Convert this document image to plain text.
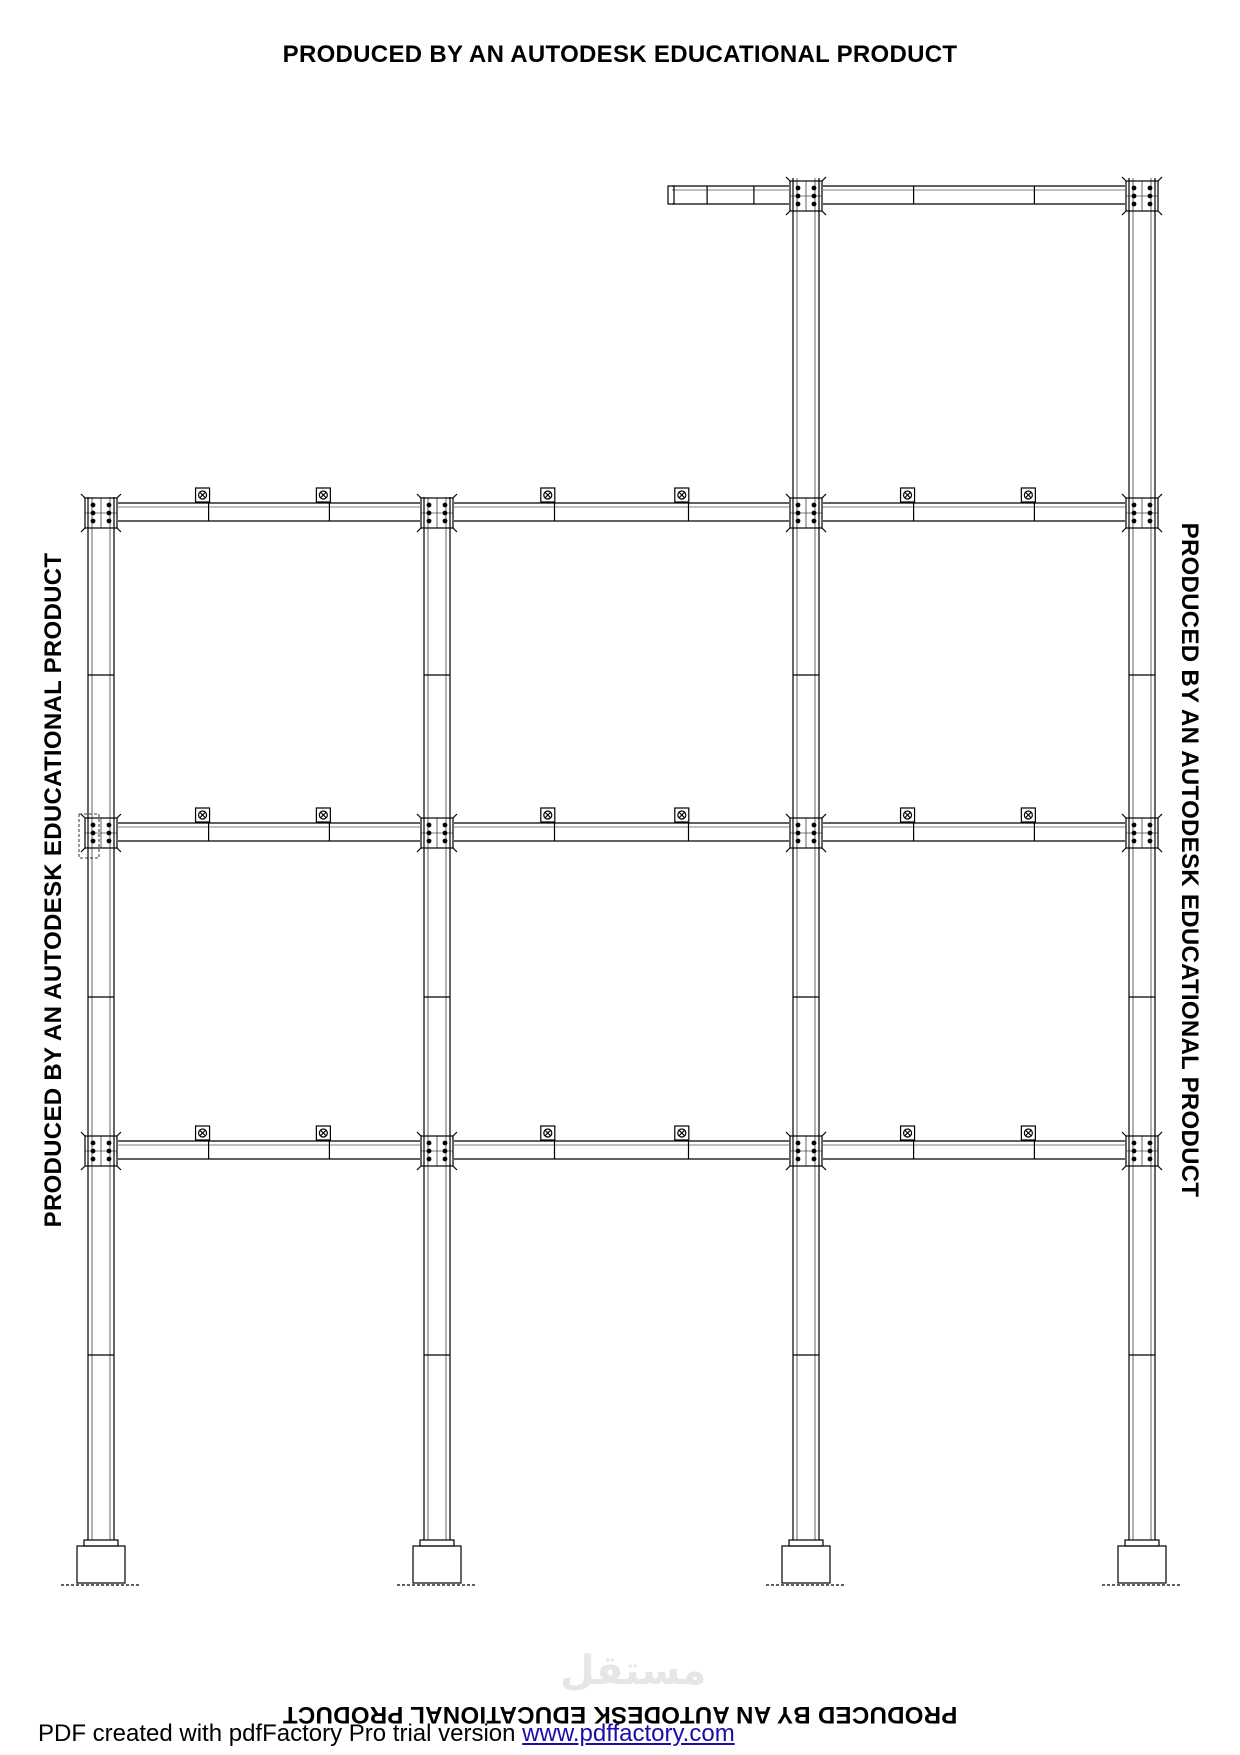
PRODUCED BY AN AUTODESK EDUCATIONAL PRODUCT
PRODUCED BY AN AUTODESK EDUCATIONAL PRODUCT	PRODUCED BY AN AUTODESK EDUCATIONAL PRODUCT
مستقل
PRODUCED BY AN AUTODESK EDUCATIONAL PRODUCT
PDF created with pdfFactory Pro trial version www.pdffactory.com
